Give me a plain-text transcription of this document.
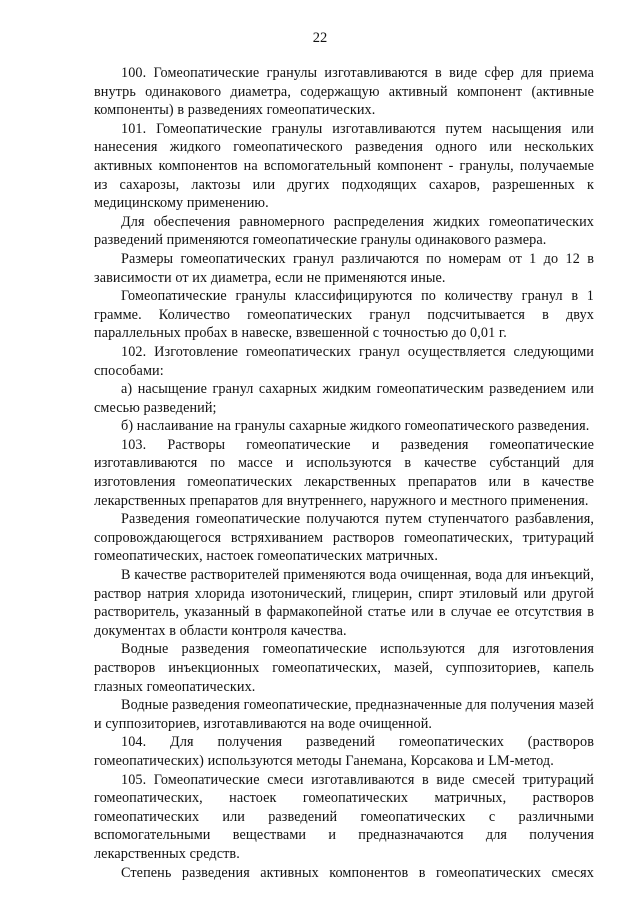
22

100. Гомеопатические гранулы изготавливаются в виде сфер для приема внутрь одинакового диаметра, содержащую активный компонент (активные компоненты) в разведениях гомеопатических.

101. Гомеопатические гранулы изготавливаются путем насыщения или нанесения жидкого гомеопатического разведения одного или нескольких активных компонентов на вспомогательный компонент - гранулы, получаемые из сахарозы, лактозы или других подходящих сахаров, разрешенных к медицинскому применению.

Для обеспечения равномерного распределения жидких гомеопатических разведений применяются гомеопатические гранулы одинакового размера.

Размеры гомеопатических гранул различаются по номерам от 1 до 12 в зависимости от их диаметра, если не применяются иные.

Гомеопатические гранулы классифицируются по количеству гранул в 1 грамме. Количество гомеопатических гранул подсчитывается в двух параллельных пробах в навеске, взвешенной с точностью до 0,01 г.

102. Изготовление гомеопатических гранул осуществляется следующими способами:

а) насыщение гранул сахарных жидким гомеопатическим разведением или смесью разведений;

б) наслаивание на гранулы сахарные жидкого гомеопатического разведения.

103. Растворы гомеопатические и разведения гомеопатические изготавливаются по массе и используются в качестве субстанций для изготовления гомеопатических лекарственных препаратов или в качестве лекарственных препаратов для внутреннего, наружного и местного применения.

Разведения гомеопатические получаются путем ступенчатого разбавления, сопровождающегося встряхиванием растворов гомеопатических, тритураций гомеопатических, настоек гомеопатических матричных.

В качестве растворителей применяются вода очищенная, вода для инъекций, раствор натрия хлорида изотонический, глицерин, спирт этиловый или другой растворитель, указанный в фармакопейной статье или в случае ее отсутствия в документах в области контроля качества.

Водные разведения гомеопатические используются для изготовления растворов инъекционных гомеопатических, мазей, суппозиториев, капель глазных гомеопатических.

Водные разведения гомеопатические, предназначенные для получения мазей и суппозиториев, изготавливаются на воде очищенной.

104. Для получения разведений гомеопатических (растворов гомеопатических) используются методы Ганемана, Корсакова и LM-метод.

105. Гомеопатические смеси изготавливаются в виде смесей тритураций гомеопатических, настоек гомеопатических матричных, растворов гомеопатических или разведений гомеопатических с различными вспомогательными веществами и предназначаются для получения лекарственных средств.

Степень разведения активных компонентов в гомеопатических смесях
